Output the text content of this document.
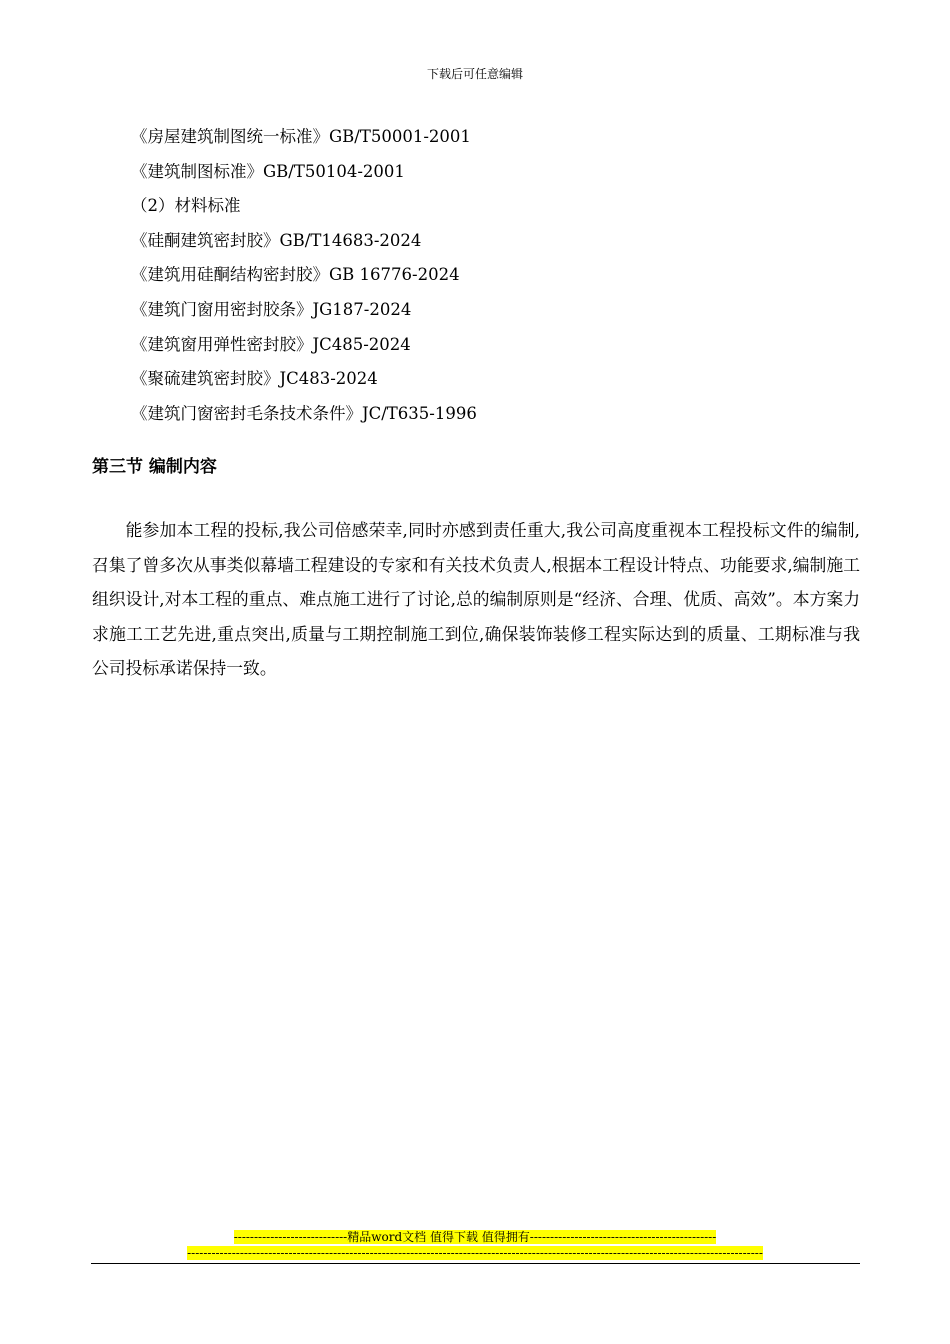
下载后可任意编辑
《房屋建筑制图统一标准》GB/T50001-2001
《建筑制图标准》GB/T50104-2001
（2）材料标准
《硅酮建筑密封胶》GB/T14683-2024
《建筑用硅酮结构密封胶》GB 16776-2024
《建筑门窗用密封胶条》JG187-2024
《建筑窗用弹性密封胶》JC485-2024
《聚硫建筑密封胶》JC483-2024
《建筑门窗密封毛条技术条件》JC/T635-1996
第三节 编制内容

能参加本工程的投标,我公司倍感荣幸,同时亦感到责任重大,我公司高度重视本工程投标文件的编制,召集了曾多次从事类似幕墙工程建设的专家和有关技术负责人,根据本工程设计特点、功能要求,编制施工组织设计,对本工程的重点、难点施工进行了讨论,总的编制原则是“经济、合理、优质、高效”。本方案力求施工工艺先进,重点突出,质量与工期控制施工到位,确保装饰装修工程实际达到的质量、工期标准与我公司投标承诺保持一致。

----------------------------精品word文档 值得下载 值得拥有----------------------------------------------
----------------------------------------------------------------------------------------------------------------------------------------------
